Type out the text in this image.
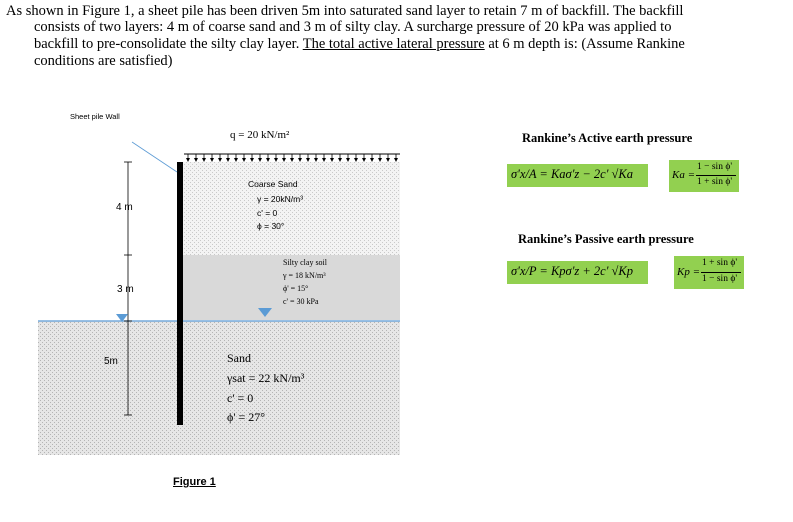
As shown in Figure 1, a sheet pile has been driven 5m into saturated sand layer to retain 7 m of backfill. The backfill
consists of two layers: 4 m of coarse sand and 3 m of silty clay. A surcharge pressure of 20 kPa was applied to
backfill to pre-consolidate the silty clay layer. The total active lateral pressure at 6 m depth is: (Assume Rankine
conditions are satisfied)
Sheet pile Wall
q = 20 kN/m²
4 m
3 m
5m
Coarse Sand
γ = 20kN/m³
c' = 0
ϕ = 30°
Silty clay soil
γ = 18 kN/m³
ϕ' = 15°
c' = 30 kPa
Sand
γsat = 22 kN/m³
c' = 0
ϕ' = 27°
Figure 1
Rankine’s Active earth pressure
σ'x/A = Kaσ'z − 2c' √Ka	Ka =
1 − sin ϕ'
1 + sin ϕ'
Rankine’s Passive earth pressure
σ'x/P = Kpσ'z + 2c' √Kp	Kp =
1 + sin ϕ'
1 − sin ϕ'
